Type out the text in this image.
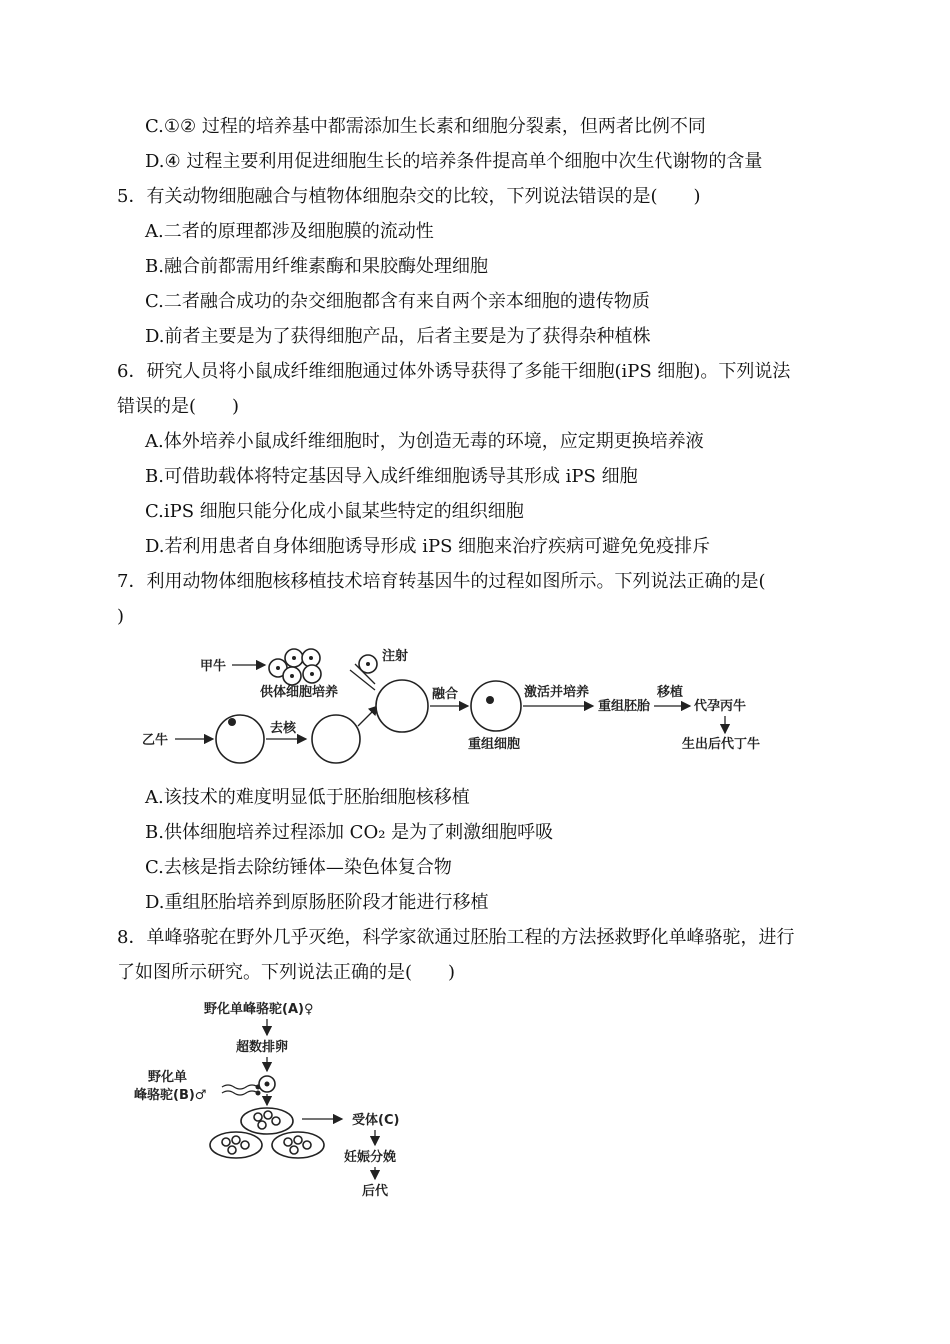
C.①② 过程的培养基中都需添加生长素和细胞分裂素，但两者比例不同
D.④ 过程主要利用促进细胞生长的培养条件提高单个细胞中次生代谢物的含量
5．有关动物细胞融合与植物体细胞杂交的比较，下列说法错误的是(　　)
A.二者的原理都涉及细胞膜的流动性
B.融合前都需用纤维素酶和果胶酶处理细胞
C.二者融合成功的杂交细胞都含有来自两个亲本细胞的遗传物质
D.前者主要是为了获得细胞产品，后者主要是为了获得杂种植株
6．研究人员将小鼠成纤维细胞通过体外诱导获得了多能干细胞(iPS 细胞)。下列说法
错误的是(　　)
A.体外培养小鼠成纤维细胞时，为创造无毒的环境，应定期更换培养液
B.可借助载体将特定基因导入成纤维细胞诱导其形成 iPS 细胞
C.iPS 细胞只能分化成小鼠某些特定的组织细胞
D.若利用患者自身体细胞诱导形成 iPS 细胞来治疗疾病可避免免疫排斥
7．利用动物体细胞核移植技术培育转基因牛的过程如图所示。下列说法正确的是(
)
A.该技术的难度明显低于胚胎细胞核移植
B.供体细胞培养过程添加 CO₂ 是为了刺激细胞呼吸
C.去核是指去除纺锤体—染色体复合物
D.重组胚胎培养到原肠胚阶段才能进行移植
8．单峰骆驼在野外几乎灭绝，科学家欲通过胚胎工程的方法拯救野化单峰骆驼，进行
了如图所示研究。下列说法正确的是(　　)
甲牛
供体细胞培养
注射
乙牛
去核
融合
重组细胞
激活并培养
重组胚胎
移植
代孕丙牛
生出后代丁牛
野化单峰骆驼(A)♀
超数排卵
野化单
峰骆驼(B)♂
受体(C)
妊娠分娩
后代
